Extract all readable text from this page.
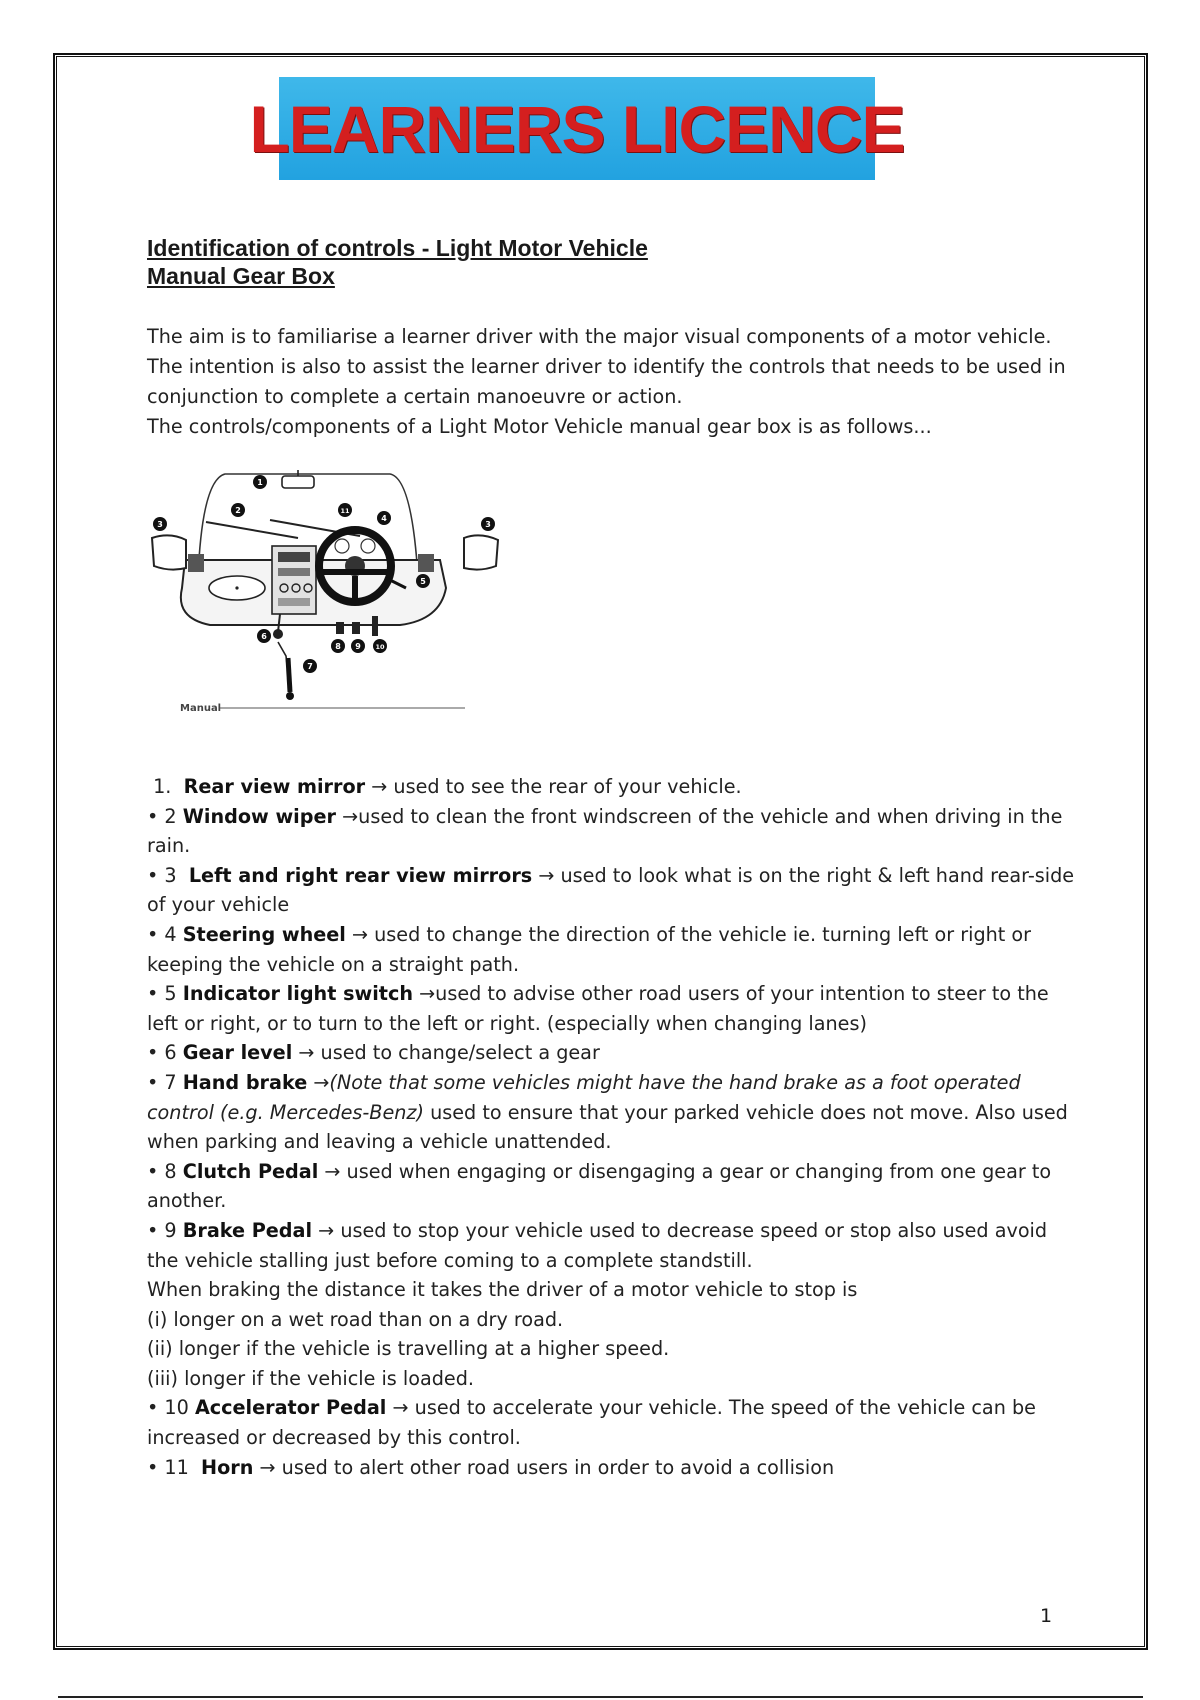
LEARNERS LICENCE
Identification of controls - Light Motor Vehicle
Manual Gear Box

The aim is to familiarise a learner driver with the major visual components of a motor vehicle. The intention is also to assist the learner driver to identify the controls that needs to be used in conjunction to complete a certain manoeuvre or action.

The controls/components of a Light Motor Vehicle manual gear box is as follows...

1
2
3	3
4
5
6
7
8 9 10
11
Manual

1.  Rear view mirror → used to see the rear of your vehicle.

• 2 Window wiper →used to clean the front windscreen of the vehicle and when driving in the rain.

• 3  Left and right rear view mirrors → used to look what is on the right & left hand rear-side of your vehicle

• 4 Steering wheel → used to change the direction of the vehicle ie. turning left or right or keeping the vehicle on a straight path.

• 5 Indicator light switch →used to advise other road users of your intention to steer to the left or right, or to turn to the left or right. (especially when changing lanes)

• 6 Gear level → used to change/select a gear

• 7 Hand brake →(Note that some vehicles might have the hand brake as a foot operated control (e.g. Mercedes-Benz) used to ensure that your parked vehicle does not move. Also used when parking and leaving a vehicle unattended.

• 8 Clutch Pedal → used when engaging or disengaging a gear or changing from one gear to another.

• 9 Brake Pedal → used to stop your vehicle used to decrease speed or stop also used avoid the vehicle stalling just before coming to a complete standstill.

When braking the distance it takes the driver of a motor vehicle to stop is

(i) longer on a wet road than on a dry road.

(ii) longer if the vehicle is travelling at a higher speed.

(iii) longer if the vehicle is loaded.

• 10 Accelerator Pedal → used to accelerate your vehicle. The speed of the vehicle can be increased or decreased by this control.

• 11  Horn → used to alert other road users in order to avoid a collision

1
